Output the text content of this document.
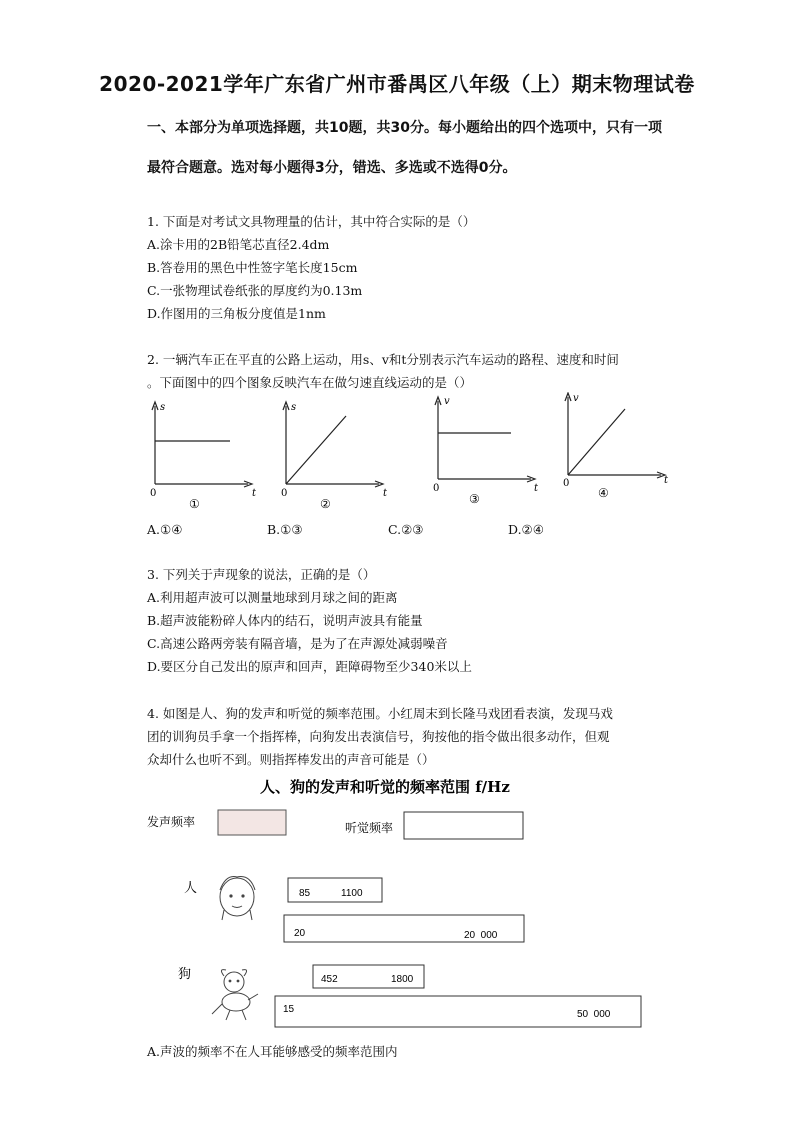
2020-2021学年广东省广州市番禺区八年级（上）期末物理试卷
一、本部分为单项选择题，共10题，共30分。每小题给出的四个选项中，只有一项
最符合题意。选对每小题得3分，错选、多选或不选得0分。
1. 下面是对考试文具物理量的估计，其中符合实际的是（）
A.涂卡用的2B铅笔芯直径2.4dm
B.答卷用的黑色中性签字笔长度15cm
C.一张物理试卷纸张的厚度约为0.13m
D.作图用的三角板分度值是1nm
2. 一辆汽车正在平直的公路上运动，用s、v和t分别表示汽车运动的路程、速度和时间
。下面图中的四个图象反映汽车在做匀速直线运动的是（）
s
0	t
①
s
0	t
②
v
0	t
③
v
0	t
④
A.①④	B.①③	C.②③	D.②④
3. 下列关于声现象的说法，正确的是（）
A.利用超声波可以测量地球到月球之间的距离
B.超声波能粉碎人体内的结石，说明声波具有能量
C.高速公路两旁装有隔音墙，是为了在声源处减弱噪音
D.要区分自己发出的原声和回声，距障碍物至少340米以上
4. 如图是人、狗的发声和听觉的频率范围。小红周末到长隆马戏团看表演，发现马戏
团的训狗员手拿一个指挥棒，向狗发出表演信号，狗按他的指令做出很多动作，但观
众却什么也听不到。则指挥棒发出的声音可能是（）
人、狗的发声和听觉的频率范围 f/Hz
发声频率	听觉频率
人	85	1100
20	20  000
狗	452	1800
15	50  000
A.声波的频率不在人耳能够感受的频率范围内
